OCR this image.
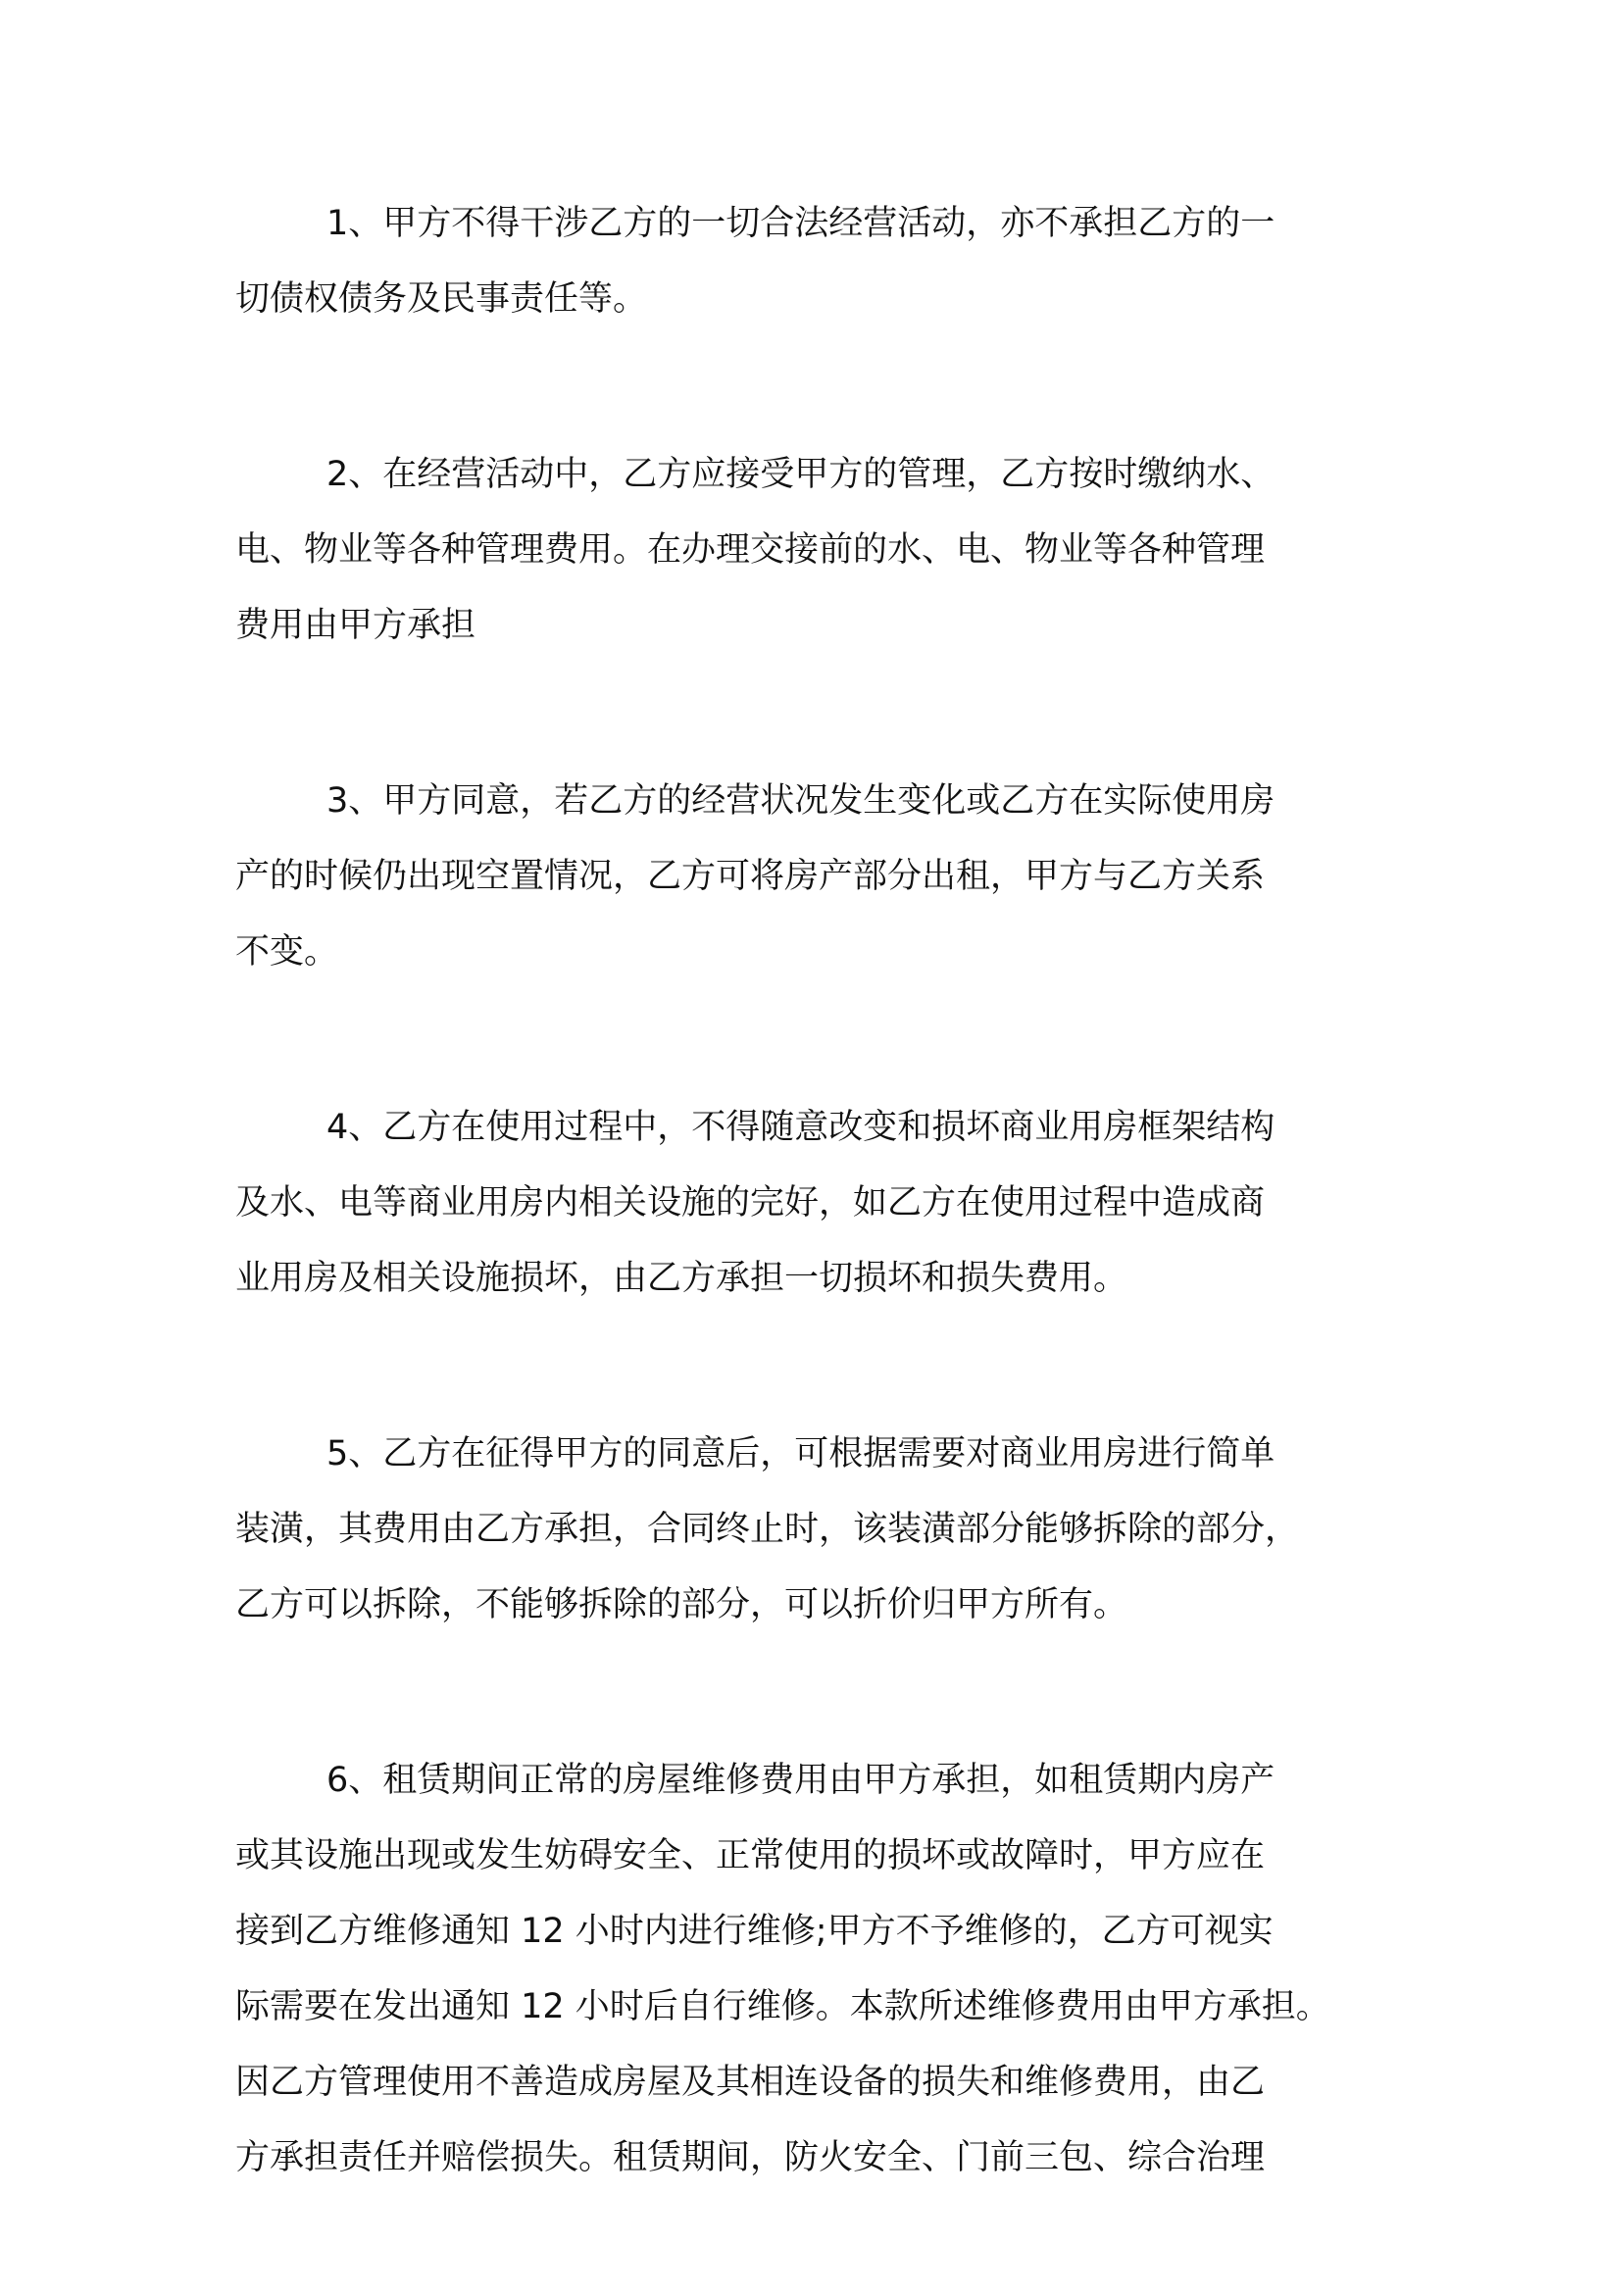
1、甲方不得干涉乙方的一切合法经营活动，亦不承担乙方的一
切债权债务及民事责任等。
2、在经营活动中，乙方应接受甲方的管理，乙方按时缴纳水、
电、物业等各种管理费用。在办理交接前的水、电、物业等各种管理
费用由甲方承担
3、甲方同意，若乙方的经营状况发生变化或乙方在实际使用房
产的时候仍出现空置情况，乙方可将房产部分出租，甲方与乙方关系
不变。
4、乙方在使用过程中，不得随意改变和损坏商业用房框架结构
及水、电等商业用房内相关设施的完好，如乙方在使用过程中造成商
业用房及相关设施损坏，由乙方承担一切损坏和损失费用。
5、乙方在征得甲方的同意后，可根据需要对商业用房进行简单
装潢，其费用由乙方承担，合同终止时，该装潢部分能够拆除的部分，
乙方可以拆除，不能够拆除的部分，可以折价归甲方所有。
6、租赁期间正常的房屋维修费用由甲方承担，如租赁期内房产
或其设施出现或发生妨碍安全、正常使用的损坏或故障时，甲方应在
接到乙方维修通知 12 小时内进行维修;甲方不予维修的，乙方可视实
际需要在发出通知 12 小时后自行维修。本款所述维修费用由甲方承担。
因乙方管理使用不善造成房屋及其相连设备的损失和维修费用，由乙
方承担责任并赔偿损失。租赁期间，防火安全、门前三包、综合治理
